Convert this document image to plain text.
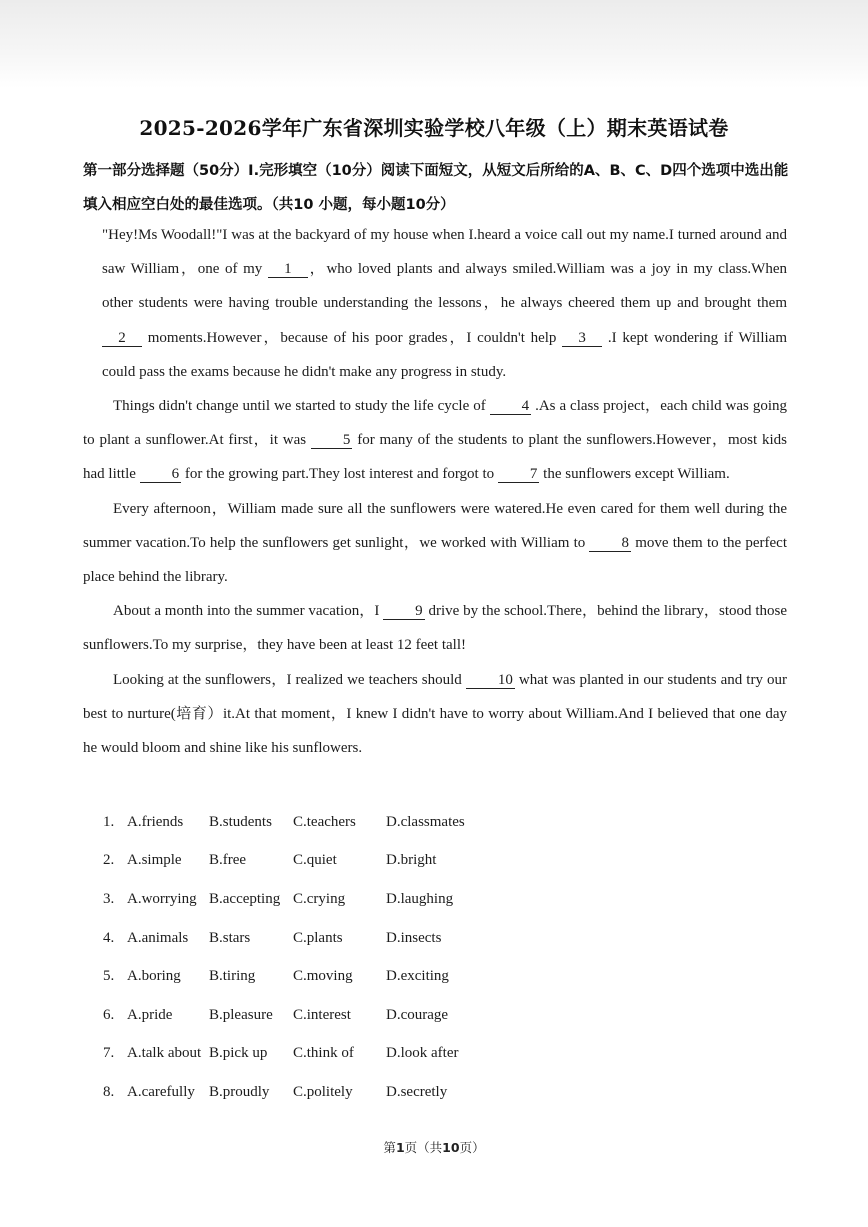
2025-2026学年广东省深圳实验学校八年级（上）期末英语试卷
第一部分选择题（50分）Ⅰ.完形填空（10分）阅读下面短文，从短文后所给的A、B、C、D四个选项中选出能填入相应空白处的最佳选项。（共10 小题，每小题10分）

"Hey!Ms Woodall!"I was at the backyard of my house when I.heard a voice call out my name.I turned around and saw William，one of my 1 ，who loved plants and always smiled.William was a joy in my class.When other students were having trouble understanding the lessons，he always cheered them up and brought them 2 moments.However，because of his poor grades，I couldn't help 3 .I kept wondering if William could pass the exams because he didn't make any progress in study.

Things didn't change until we started to study the life cycle of 4 .As a class project，each child was going to plant a sunflower.At first，it was 5 for many of the students to plant the sunflowers.However，most kids had little 6 for the growing part.They lost interest and forgot to 7 the sunflowers except William.

Every afternoon，William made sure all the sunflowers were watered.He even cared for them well during the summer vacation.To help the sunflowers get sunlight，we worked with William to 8 move them to the perfect place behind the library.

About a month into the summer vacation，I 9 drive by the school.There，behind the library，stood those sunflowers.To my surprise，they have been at least 12 feet tall!

Looking at the sunflowers，I realized we teachers should 10 what was planted in our students and try our best to nurture(培育）it.At that moment，I knew I didn't have to worry about William.And I believed that one day he would bloom and shine like his sunflowers.

1. A.friends	B.students	C.teachers	D.classmates
2. A.simple	B.free	C.quiet	D.bright
3. A.worrying B.accepting C.crying	D.laughing
4. A.animals	B.stars	C.plants	D.insects
5. A.boring	B.tiring	C.moving	D.exciting
6. A.pride	B.pleasure	C.interest	D.courage
7. A.talk about B.pick up	C.think of	D.look after
8. A.carefully B.proudly	C.politely	D.secretly
第1页（共10页）
